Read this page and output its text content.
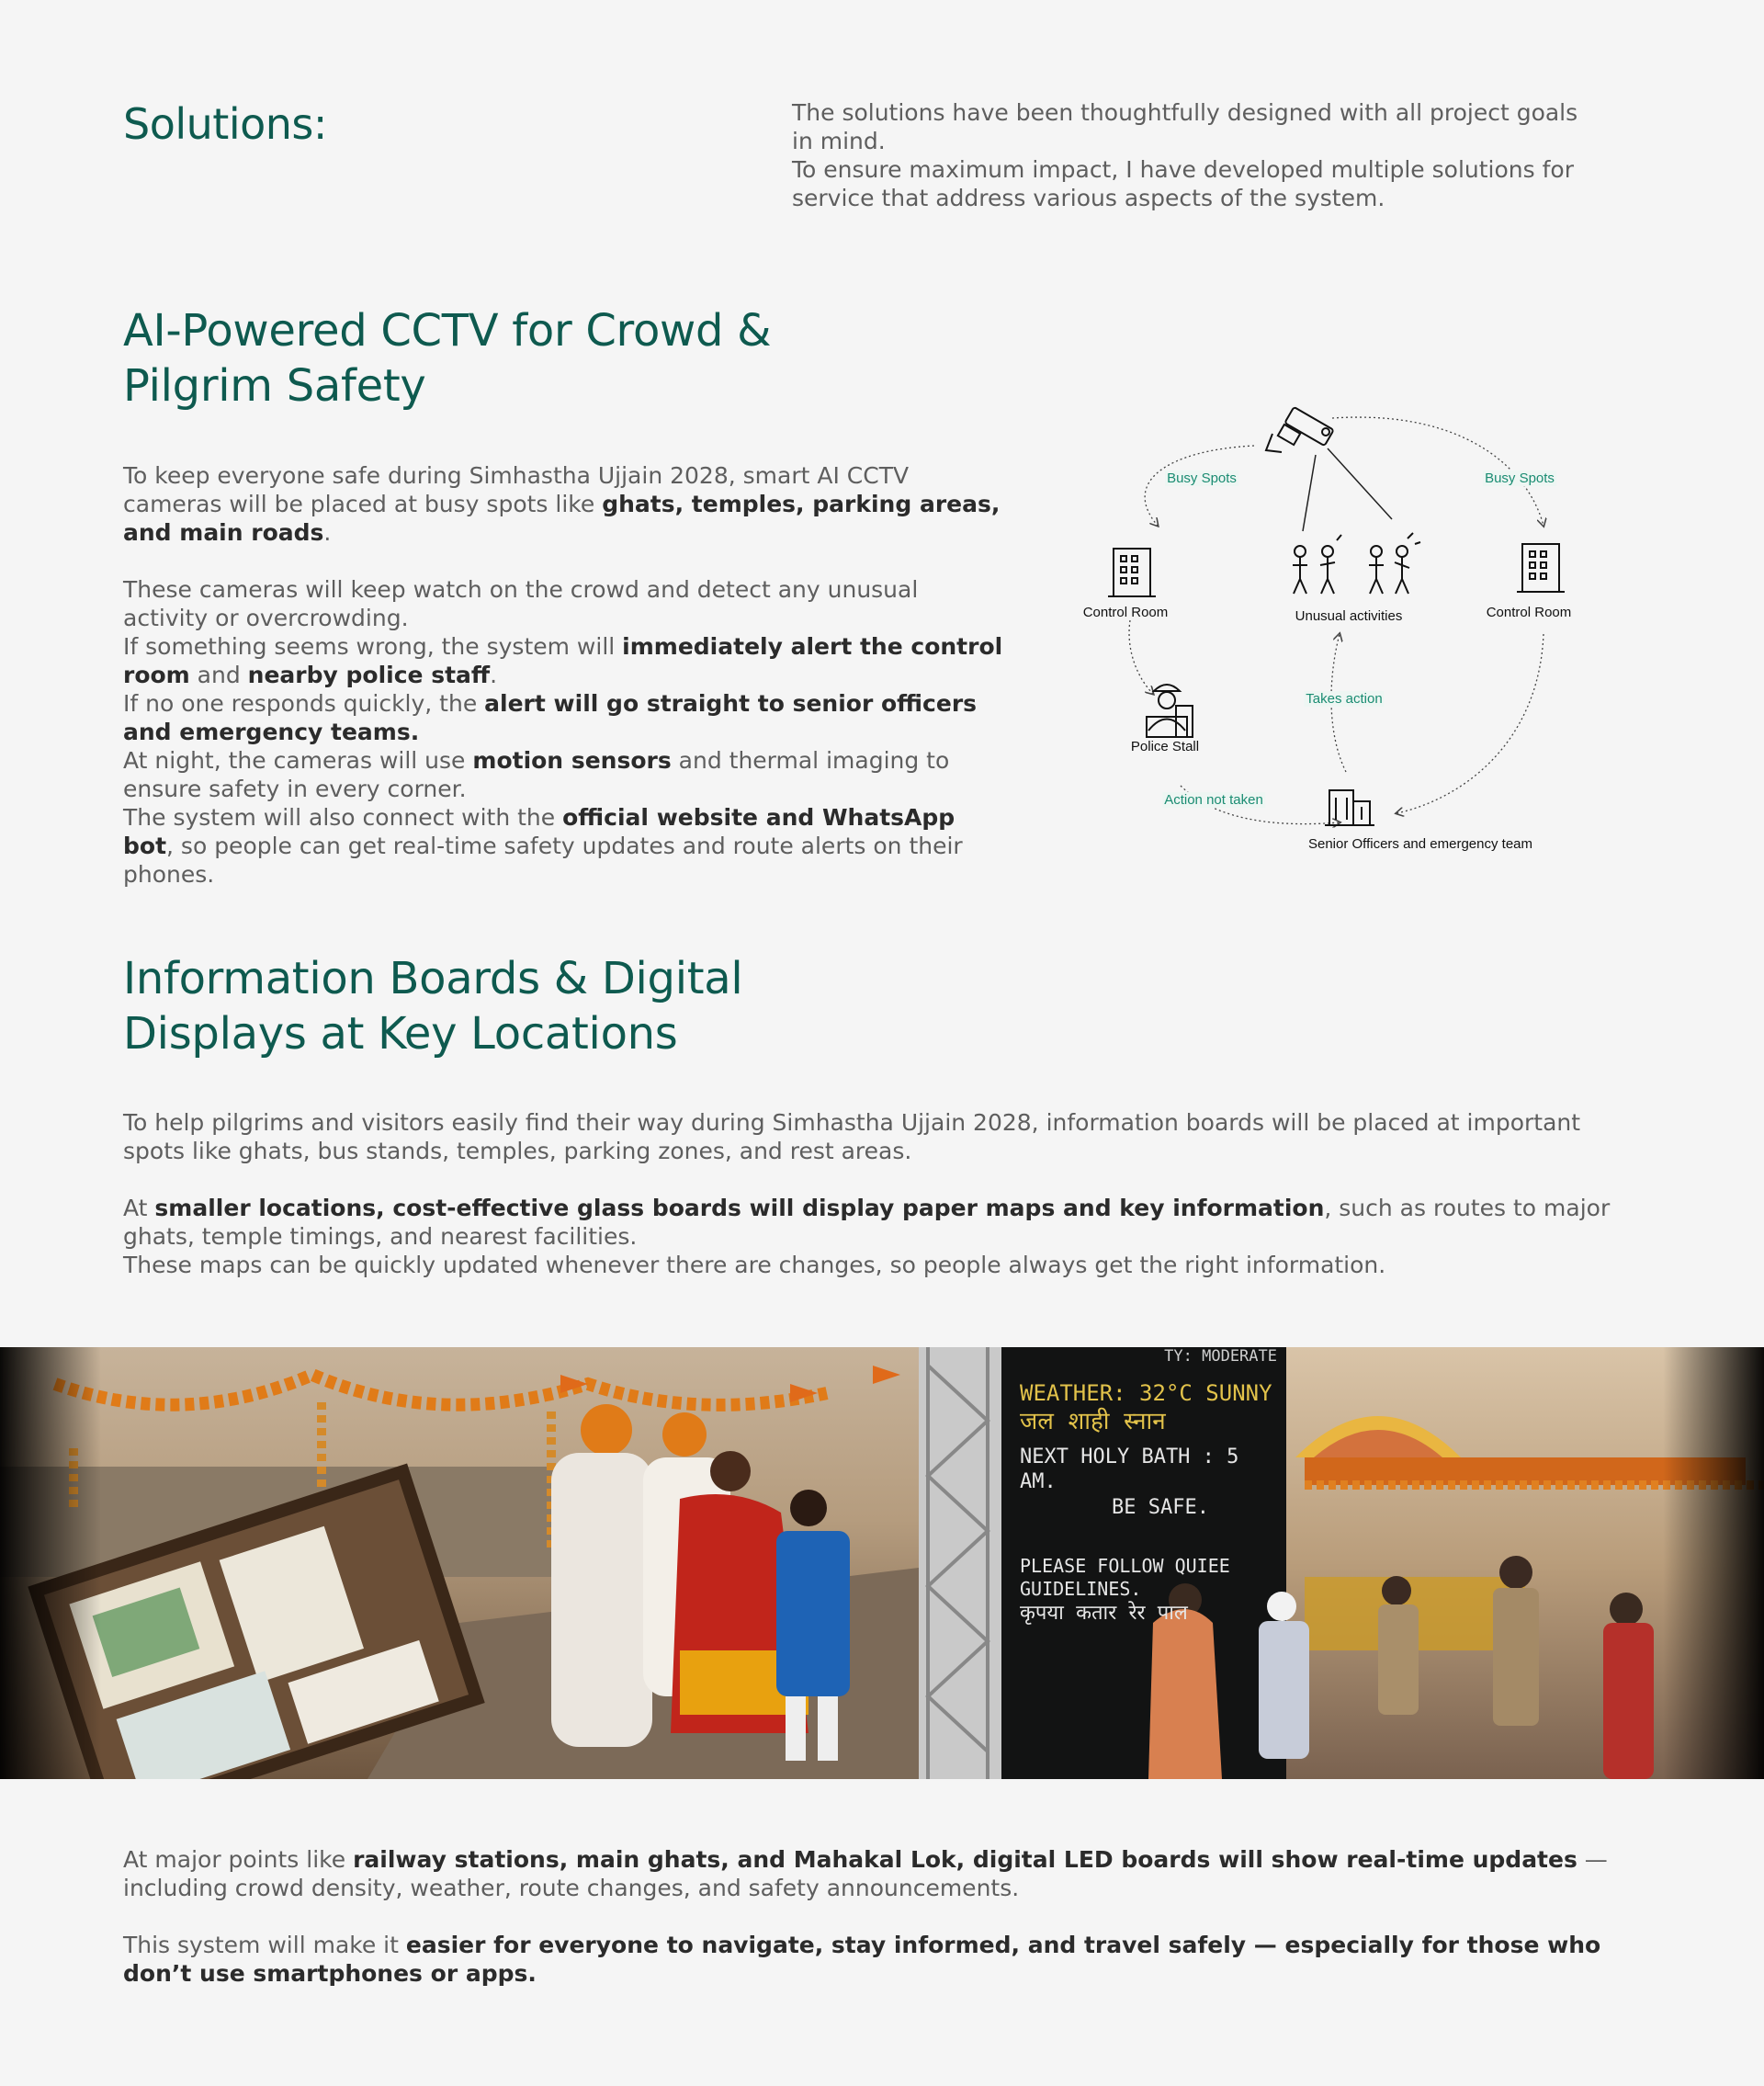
Solutions:	The solutions have been thoughtfully designed with all project goals in mind.

To ensure maximum impact, I have developed multiple solutions for service that address various aspects of the system.

AI-Powered CCTV for Crowd & Pilgrim Safety

To keep everyone safe during Simhastha Ujjain 2028, smart AI CCTV cameras will be placed at busy spots like ghats, temples, parking areas, and main roads.

These cameras will keep watch on the crowd and detect any unusual activity or overcrowding.

If something seems wrong, the system will immediately alert the control room and nearby police staff.

If no one responds quickly, the alert will go straight to senior officers and emergency teams.

At night, the cameras will use motion sensors and thermal imaging to ensure safety in every corner.

The system will also connect with the official website and WhatsApp bot, so people can get real-time safety updates and route alerts on their phones.

Busy Spots	Busy Spots
Control Room	Unusual activities	Control Room
Takes action
Police Stall
Action not taken
Senior Officers and emergency team
Information Boards & Digital Displays at Key Locations

To help pilgrims and visitors easily find their way during Simhastha Ujjain 2028, information boards will be placed at important spots like ghats, bus stands, temples, parking zones, and rest areas.

At smaller locations, cost-effective glass boards will display paper maps and key information, such as routes to major ghats, temple timings, and nearest facilities.

These maps can be quickly updated whenever there are changes, so people always get the right information.

TY: MODERATE
WEATHER: 32°C SUNNY
जल शाही स्नान
NEXT HOLY BATH : 5 AM.
BE SAFE.
PLEASE FOLLOW QUIEE GUIDELINES.
कृपया कतार रेर पाल

At major points like railway stations, main ghats, and Mahakal Lok, digital LED boards will show real-time updates — including crowd density, weather, route changes, and safety announcements.

This system will make it easier for everyone to navigate, stay informed, and travel safely — especially for those who don’t use smartphones or apps.
